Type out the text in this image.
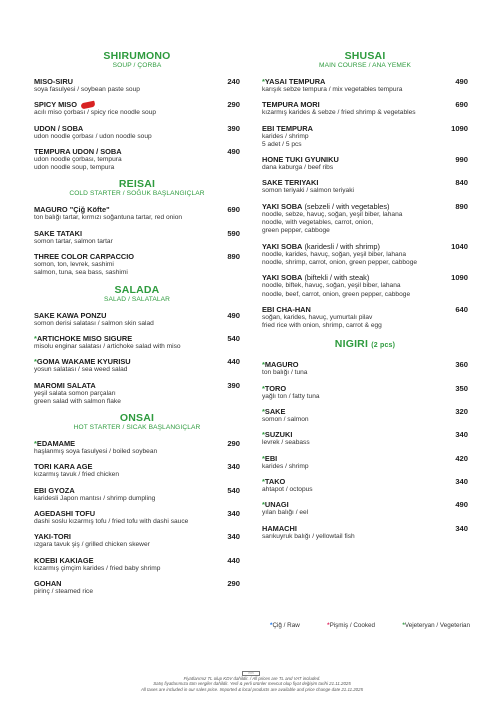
SHIRUMONO
SOUP / ÇORBA
MISO-SIRU	240
soya fasulyesi / soybean paste soup
SPICY MISO	290
acılı miso çorbası / spicy rice noodle soup
UDON / SOBA	390
udon noodle çorbası / udon noodle soup
TEMPURA UDON / SOBA	490
udon noodle çorbası, tempura
udon noodle soup, tempura
REISAI
COLD STARTER / SOĞUK BAŞLANGIÇLAR
MAGURO "Çiğ Köfte"	690
ton balığı tartar, kırmızı soğantuna tartar, red onion
SAKE TATAKI	590
somon tartar, salmon tartar
THREE COLOR CARPACCIO	890
somon, ton, levrek, sashimi
salmon, tuna, sea bass, sashimi
SALADA
SALAD / SALATALAR
SAKE KAWA PONZU	490
somon derisi salatası / salmon skin salad
*ARTICHOKE MISO SIGURE	540
misolu enginar salatası / artichoke salad with miso
*GOMA WAKAME KYURISU	440
yosun salatası / sea weed salad
MAROMI SALATA	390
yeşil salata somon parçaları
green salad with salmon flake
ONSAI
HOT STARTER / SICAK BAŞLANGIÇLAR
*EDAMAME	290
haşlanmış soya fasulyesi / boiled soybean
TORI KARA AGE	340
kızarmış tavuk / fried chicken
EBI GYOZA	540
karidesli Japon mantısı / shrimp dumpling
AGEDASHI TOFU	340
dashi soslu kızarmış tofu / fried tofu with dashi sauce
YAKI-TORI	340
ızgara tavuk şiş / grilled chicken skewer
KOEBI KAKIAGE	440
kızarmış çimçim karides / fried baby shrimp
GOHAN	290
pirinç / steamed rice
SHUSAI
MAIN COURSE / ANA YEMEK
*YASAI TEMPURA	490
karışık sebze tempura / mix vegetables tempura
TEMPURA MORI	690
kızarmış karides & sebze / fried shrimp & vegetables
EBI TEMPURA	1090
karides / shrimp
5 adet / 5 pcs
HONE TUKI GYUNIKU	990
dana kaburga / beef ribs
SAKE TERIYAKI	840
somon teriyaki / salmon teriyaki
YAKI SOBA (sebzeli / with vegetables)	890
noodle, sebze, havuç, soğan, yeşil biber, lahana
noodle, with vegetables, carrot, onion,
green pepper, cabboge
YAKI SOBA (karidesli / with shrimp)	1040
noodle, karides, havuç, soğan, yeşil biber, lahana
noodle, shrimp, carrot, onion, green pepper, cabboge
YAKI SOBA (biftekli / with steak)	1090
noodle, biftek, havuç, soğan, yeşil biber, lahana
noodle, beef, carrot, onion, green pepper, cabboge
EBI CHA-HAN	640
soğan, karides, havuç, yumurtalı pilav
fried rice with onion, shrimp, carrot & egg
NIGIRI (2 pcs)
*MAGURO	360
ton balığı / tuna
*TORO	350
yağlı ton / fatty tuna
*SAKE	320
somon / salmon
*SUZUKI	340
levrek / seabass
*EBI	420
karides / shrimp
*TAKO	340
ahtapot / octopus
*UNAGI	490
yılan balığı / eel
HAMACHI	340
sarıkuyruk balığı / yellowtail fish
*Çiğ / Raw	*Pişmiş / Cooked	*Vejeteryan / Vegeterian
▭▭
Fiyatlarımız TL olup KDV dahildir. / All prices are TL and VAT included.
Satış fiyatlarımıza tüm vergiler dahildir. Yerli & yerli ürünler mevcut olup fiyat değişim tarihi 21.11.2025
All taxes are included in our sales price. Imported & local products are available and price change date 21.11.2025
